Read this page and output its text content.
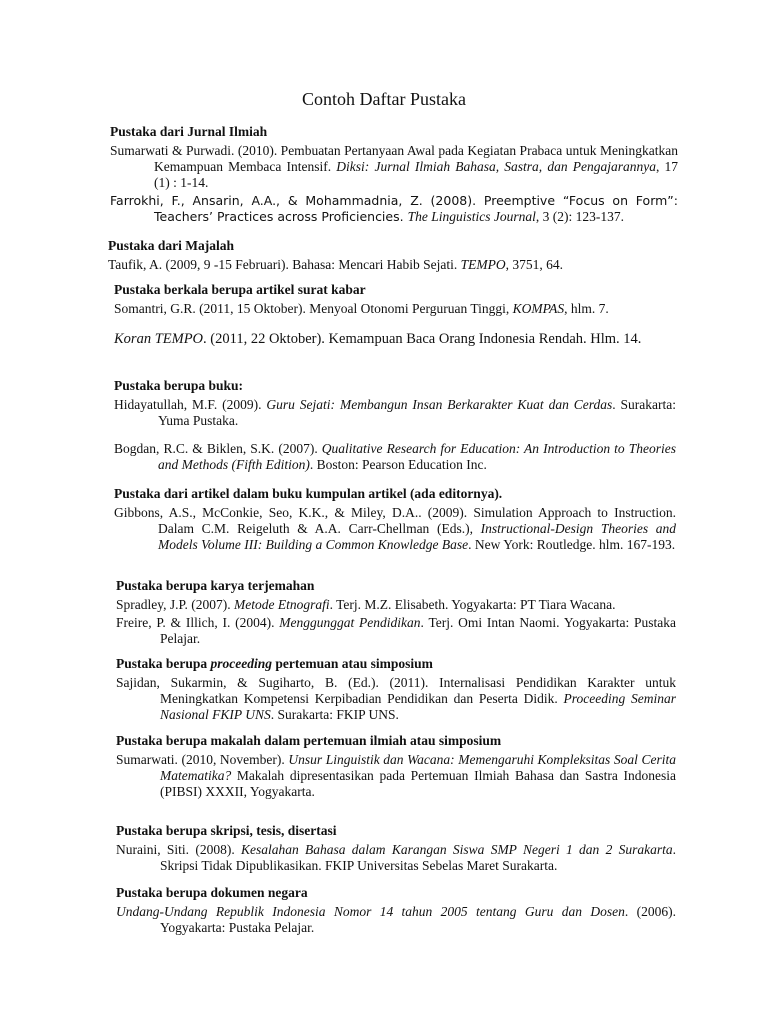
Contoh Daftar Pustaka
Pustaka dari Jurnal Ilmiah
Sumarwati & Purwadi. (2010). Pembuatan Pertanyaan Awal pada Kegiatan Prabaca untuk Meningkatkan Kemampuan Membaca Intensif. Diksi: Jurnal Ilmiah Bahasa, Sastra, dan Pengajarannya, 17 (1) : 1-14.
Farrokhi, F., Ansarin, A.A., & Mohammadnia, Z. (2008). Preemptive “Focus on Form”: Teachers’ Practices across Proficiencies. The Linguistics Journal, 3 (2): 123-137.
Pustaka dari Majalah
Taufik, A. (2009, 9 -15 Februari). Bahasa: Mencari Habib Sejati. TEMPO, 3751, 64.
Pustaka berkala berupa artikel surat kabar
Somantri, G.R. (2011, 15 Oktober). Menyoal Otonomi Perguruan Tinggi, KOMPAS, hlm. 7.
Koran TEMPO. (2011, 22 Oktober). Kemampuan Baca Orang Indonesia Rendah. Hlm. 14.
Pustaka berupa buku:
Hidayatullah, M.F. (2009). Guru Sejati: Membangun Insan Berkarakter Kuat dan Cerdas. Surakarta: Yuma Pustaka.
Bogdan, R.C. & Biklen, S.K. (2007). Qualitative Research for Education: An Introduction to Theories and Methods (Fifth Edition). Boston: Pearson Education Inc.
Pustaka dari artikel dalam buku kumpulan artikel (ada editornya).
Gibbons, A.S., McConkie, Seo, K.K., & Miley, D.A.. (2009). Simulation Approach to Instruction. Dalam C.M. Reigeluth & A.A. Carr-Chellman (Eds.), Instructional-Design Theories and Models Volume III: Building a Common Knowledge Base. New York: Routledge. hlm. 167-193.
Pustaka berupa karya terjemahan
Spradley, J.P. (2007). Metode Etnografi. Terj. M.Z. Elisabeth. Yogyakarta: PT Tiara Wacana.
Freire, P. & Illich, I. (2004). Menggunggat Pendidikan. Terj. Omi Intan Naomi. Yogyakarta: Pustaka Pelajar.
Pustaka berupa proceeding pertemuan atau simposium
Sajidan, Sukarmin, & Sugiharto, B. (Ed.). (2011). Internalisasi Pendidikan Karakter untuk Meningkatkan Kompetensi Kerpibadian Pendidikan dan Peserta Didik. Proceeding Seminar Nasional FKIP UNS. Surakarta: FKIP UNS.
Pustaka berupa makalah dalam pertemuan ilmiah atau simposium
Sumarwati. (2010, November). Unsur Linguistik dan Wacana: Memengaruhi Kompleksitas Soal Cerita Matematika? Makalah dipresentasikan pada Pertemuan Ilmiah Bahasa dan Sastra Indonesia (PIBSI) XXXII, Yogyakarta.
Pustaka berupa skripsi, tesis, disertasi
Nuraini, Siti. (2008). Kesalahan Bahasa dalam Karangan Siswa SMP Negeri 1 dan 2 Surakarta. Skripsi Tidak Dipublikasikan. FKIP Universitas Sebelas Maret Surakarta.
Pustaka berupa dokumen negara
Undang-Undang Republik Indonesia Nomor 14 tahun 2005 tentang Guru dan Dosen. (2006). Yogyakarta: Pustaka Pelajar.
